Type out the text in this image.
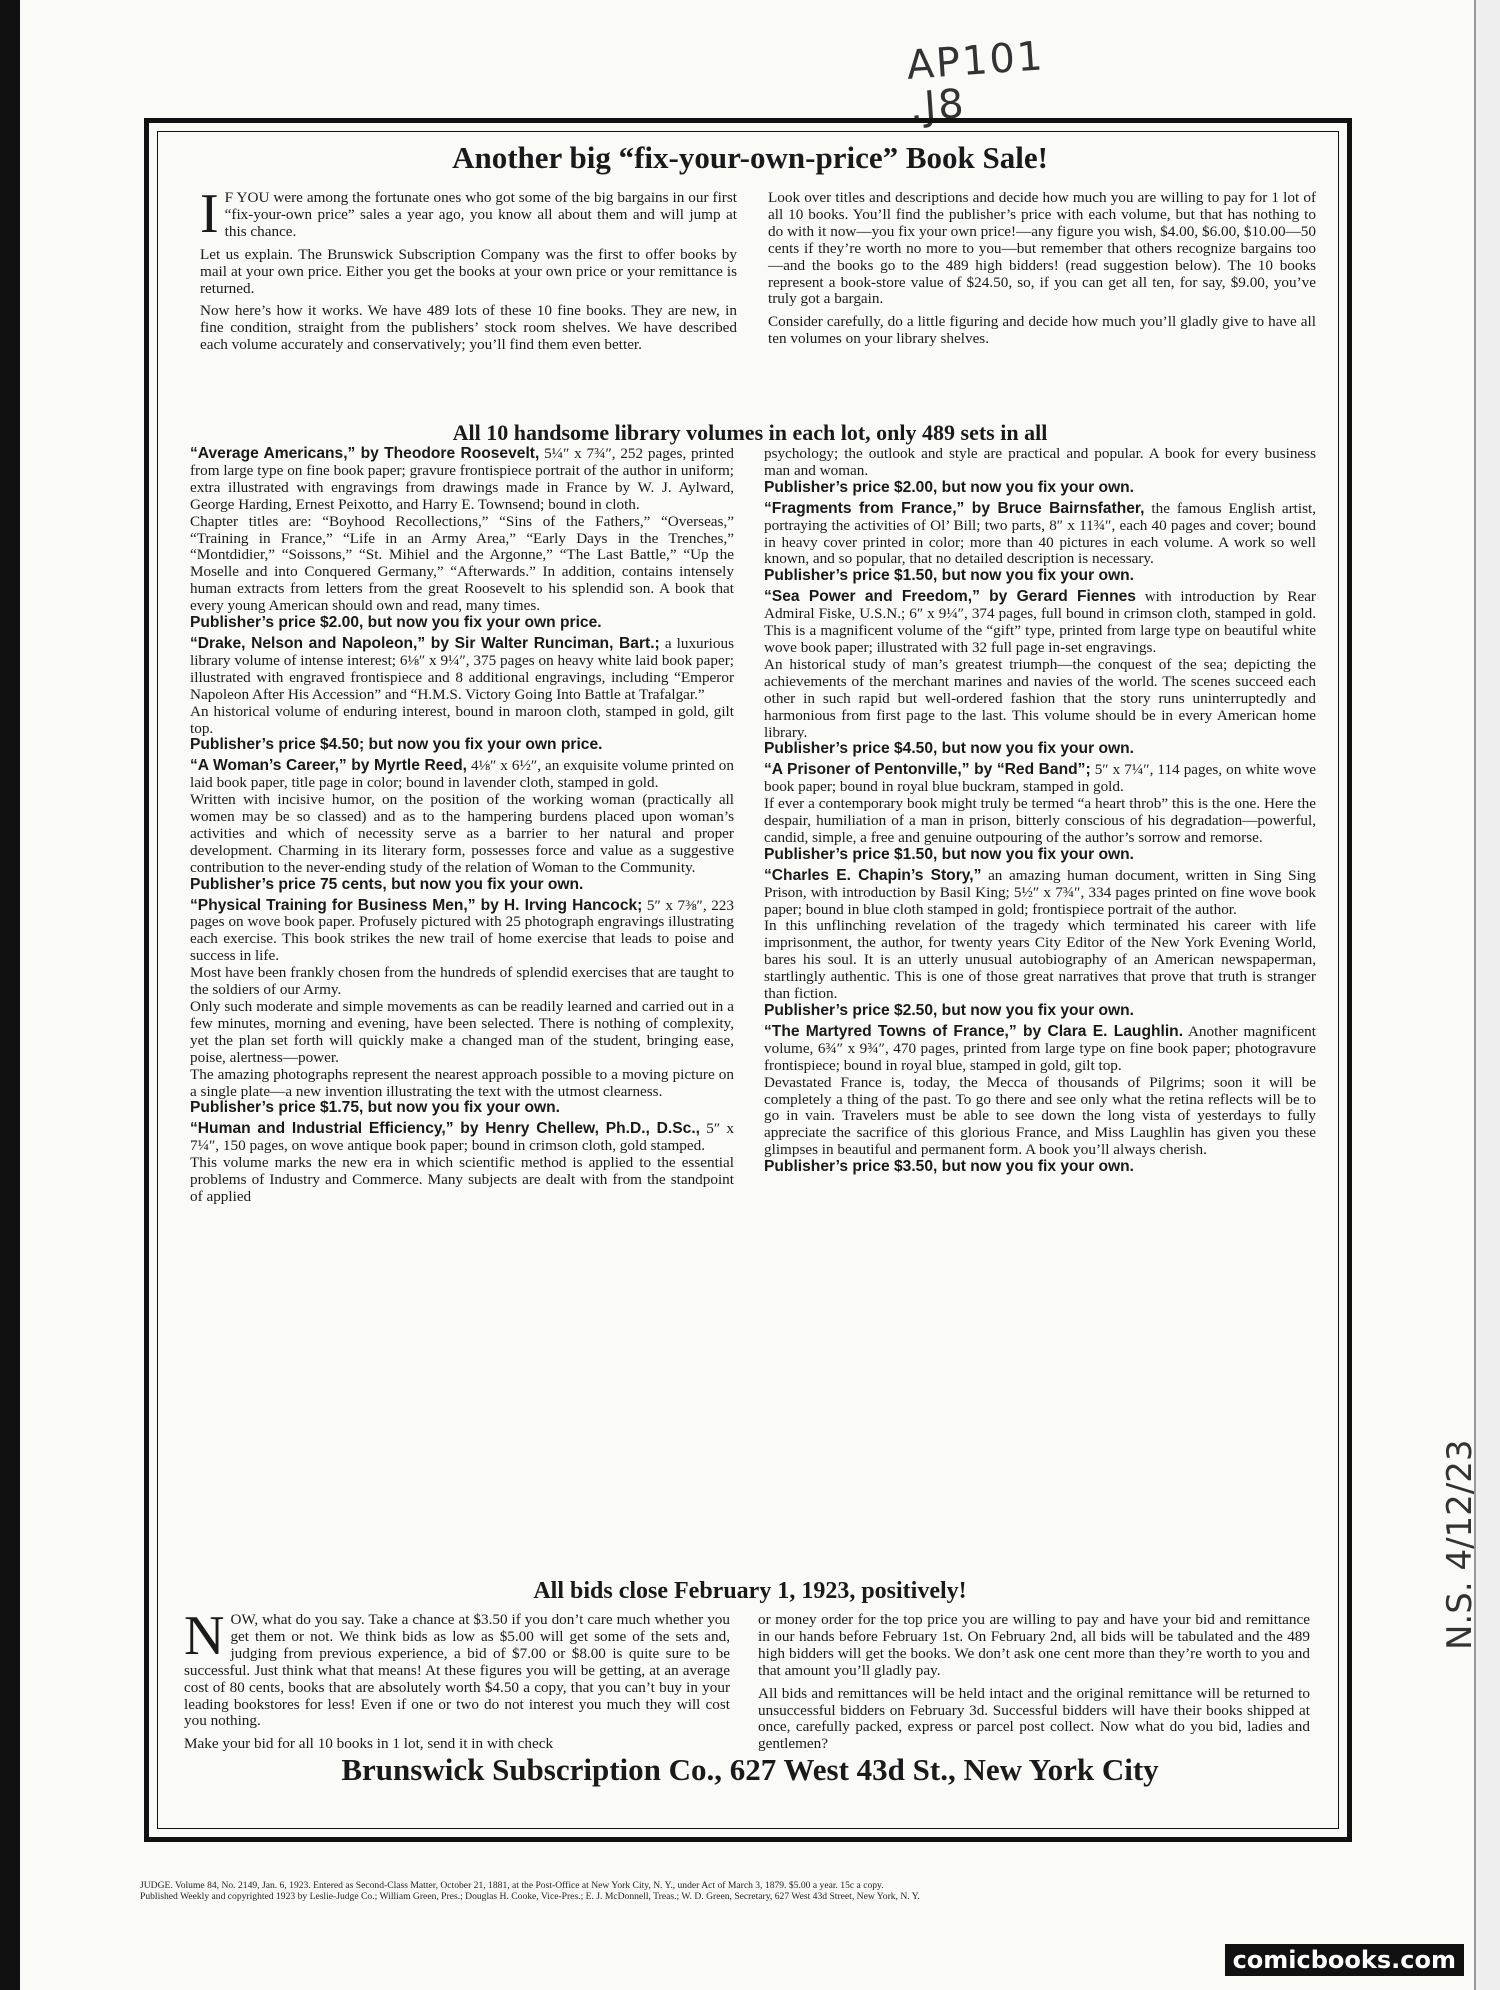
AP101
.J8
N.S. 4/12/23
Another big “fix-your-own-price” Book Sale!

I F YOU were among the fortunate ones who got some of the big bargains in our first “fix-your-own price” sales a year ago, you know all about them and will jump at this chance.

Let us explain. The Brunswick Subscription Company was the first to offer books by mail at your own price. Either you get the books at your own price or your remittance is returned.

Now here’s how it works. We have 489 lots of these 10 fine books. They are new, in fine condition, straight from the publishers’ stock room shelves. We have described each volume accurately and conservatively; you’ll find them even better.

Look over titles and descriptions and decide how much you are willing to pay for 1 lot of all 10 books. You’ll find the publisher’s price with each volume, but that has nothing to do with it now—you fix your own price!—any figure you wish, $4.00, $6.00, $10.00—50 cents if they’re worth no more to you—but remember that others recognize bargains too—and the books go to the 489 high bidders! (read suggestion below). The 10 books represent a book-store value of $24.50, so, if you can get all ten, for say, $9.00, you’ve truly got a bargain.

Consider carefully, do a little figuring and decide how much you’ll gladly give to have all ten volumes on your library shelves.

All 10 handsome library volumes in each lot, only 489 sets in all
“Average Americans,” by Theodore Roosevelt, 5¼″ x 7¾″, 252 pages, printed from large type on fine book paper; gravure frontispiece portrait of the author in uniform; extra illustrated with engravings from drawings made in France by W. J. Aylward, George Harding, Ernest Peixotto, and Harry E. Townsend; bound in cloth.
Chapter titles are: “Boyhood Recollections,” “Sins of the Fathers,” “Overseas,” “Training in France,” “Life in an Army Area,” “Early Days in the Trenches,” “Montdidier,” “Soissons,” “St. Mihiel and the Argonne,” “The Last Battle,” “Up the Moselle and into Conquered Germany,” “Afterwards.” In addition, contains intensely human extracts from letters from the great Roosevelt to his splendid son. A book that every young American should own and read, many times.
Publisher’s price $2.00, but now you fix your own price.
“Drake, Nelson and Napoleon,” by Sir Walter Runciman, Bart.; a luxurious library volume of intense interest; 6⅛″ x 9¼″, 375 pages on heavy white laid book paper; illustrated with engraved frontispiece and 8 additional engravings, including “Emperor Napoleon After His Accession” and “H.M.S. Victory Going Into Battle at Trafalgar.”
An historical volume of enduring interest, bound in maroon cloth, stamped in gold, gilt top.
Publisher’s price $4.50; but now you fix your own price.
“A Woman’s Career,” by Myrtle Reed, 4⅛″ x 6½″, an exquisite volume printed on laid book paper, title page in color; bound in lavender cloth, stamped in gold.
Written with incisive humor, on the position of the working woman (practically all women may be so classed) and as to the hampering burdens placed upon woman’s activities and which of necessity serve as a barrier to her natural and proper development. Charming in its literary form, possesses force and value as a suggestive contribution to the never-ending study of the relation of Woman to the Community.
Publisher’s price 75 cents, but now you fix your own.
“Physical Training for Business Men,” by H. Irving Hancock; 5″ x 7⅜″, 223 pages on wove book paper. Profusely pictured with 25 photograph engravings illustrating each exercise. This book strikes the new trail of home exercise that leads to poise and success in life.
Most have been frankly chosen from the hundreds of splendid exercises that are taught to the soldiers of our Army.
Only such moderate and simple movements as can be readily learned and carried out in a few minutes, morning and evening, have been selected. There is nothing of complexity, yet the plan set forth will quickly make a changed man of the student, bringing ease, poise, alertness—power.
The amazing photographs represent the nearest approach possible to a moving picture on a single plate—a new invention illustrating the text with the utmost clearness.
Publisher’s price $1.75, but now you fix your own.
“Human and Industrial Efficiency,” by Henry Chellew, Ph.D., D.Sc., 5″ x 7¼″, 150 pages, on wove antique book paper; bound in crimson cloth, gold stamped.
This volume marks the new era in which scientific method is applied to the essential problems of Industry and Commerce. Many subjects are dealt with from the standpoint of applied
psychology; the outlook and style are practical and popular. A book for every business man and woman.
Publisher’s price $2.00, but now you fix your own.
“Fragments from France,” by Bruce Bairnsfather, the famous English artist, portraying the activities of Ol’ Bill; two parts, 8″ x 11¾″, each 40 pages and cover; bound in heavy cover printed in color; more than 40 pictures in each volume. A work so well known, and so popular, that no detailed description is necessary.
Publisher’s price $1.50, but now you fix your own.
“Sea Power and Freedom,” by Gerard Fiennes with introduction by Rear Admiral Fiske, U.S.N.; 6″ x 9¼″, 374 pages, full bound in crimson cloth, stamped in gold. This is a magnificent volume of the “gift” type, printed from large type on beautiful white wove book paper; illustrated with 32 full page in-set engravings.
An historical study of man’s greatest triumph—the conquest of the sea; depicting the achievements of the merchant marines and navies of the world. The scenes succeed each other in such rapid but well-ordered fashion that the story runs uninterruptedly and harmonious from first page to the last. This volume should be in every American home library.
Publisher’s price $4.50, but now you fix your own.
“A Prisoner of Pentonville,” by “Red Band”; 5″ x 7¼″, 114 pages, on white wove book paper; bound in royal blue buckram, stamped in gold.
If ever a contemporary book might truly be termed “a heart throb” this is the one. Here the despair, humiliation of a man in prison, bitterly conscious of his degradation—powerful, candid, simple, a free and genuine outpouring of the author’s sorrow and remorse.
Publisher’s price $1.50, but now you fix your own.
“Charles E. Chapin’s Story,” an amazing human document, written in Sing Sing Prison, with introduction by Basil King; 5½″ x 7¾″, 334 pages printed on fine wove book paper; bound in blue cloth stamped in gold; frontispiece portrait of the author.
In this unflinching revelation of the tragedy which terminated his career with life imprisonment, the author, for twenty years City Editor of the New York Evening World, bares his soul. It is an utterly unusual autobiography of an American newspaperman, startlingly authentic. This is one of those great narratives that prove that truth is stranger than fiction.
Publisher’s price $2.50, but now you fix your own.
“The Martyred Towns of France,” by Clara E. Laughlin. Another magnificent volume, 6¾″ x 9¾″, 470 pages, printed from large type on fine book paper; photogravure frontispiece; bound in royal blue, stamped in gold, gilt top.
Devastated France is, today, the Mecca of thousands of Pilgrims; soon it will be completely a thing of the past. To go there and see only what the retina reflects will be to go in vain. Travelers must be able to see down the long vista of yesterdays to fully appreciate the sacrifice of this glorious France, and Miss Laughlin has given you these glimpses in beautiful and permanent form. A book you’ll always cherish.
Publisher’s price $3.50, but now you fix your own.
All bids close February 1, 1923, positively!

NOW, what do you say. Take a chance at $3.50 if you don’t care much whether you get them or not. We think bids as low as $5.00 will get some of the sets and, judging from previous experience, a bid of $7.00 or $8.00 is quite sure to be successful. Just think what that means! At these figures you will be getting, at an average cost of 80 cents, books that are absolutely worth $4.50 a copy, that you can’t buy in your leading bookstores for less! Even if one or two do not interest you much they will cost you nothing.

Make your bid for all 10 books in 1 lot, send it in with check

or money order for the top price you are willing to pay and have your bid and remittance in our hands before February 1st. On February 2nd, all bids will be tabulated and the 489 high bidders will get the books. We don’t ask one cent more than they’re worth to you and that amount you’ll gladly pay.

All bids and remittances will be held intact and the original remittance will be returned to unsuccessful bidders on February 3d. Successful bidders will have their books shipped at once, carefully packed, express or parcel post collect. Now what do you bid, ladies and gentlemen?

Brunswick Subscription Co., 627 West 43d St., New York City
JUDGE. Volume 84, No. 2149, Jan. 6, 1923. Entered as Second-Class Matter, October 21, 1881, at the Post-Office at New York City, N. Y., under Act of March 3, 1879. $5.00 a year. 15c a copy.
Published Weekly and copyrighted 1923 by Leslie-Judge Co.; William Green, Pres.; Douglas H. Cooke, Vice-Pres.; E. J. McDonnell, Treas.; W. D. Green, Secretary, 627 West 43d Street, New York, N. Y.
comicbooks.com
